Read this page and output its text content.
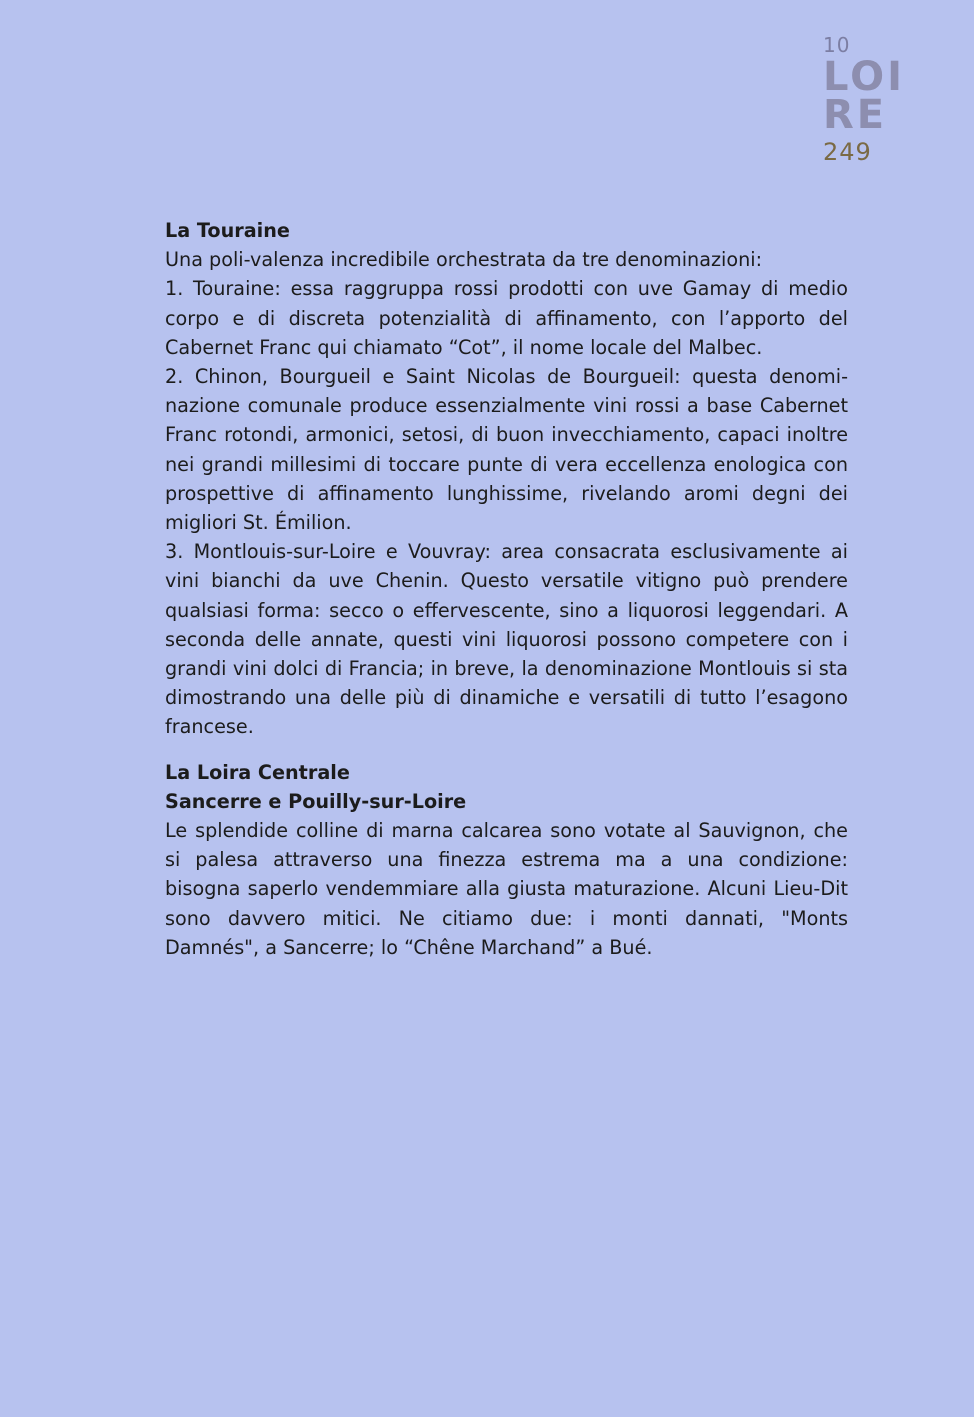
10
LOI
RE
249
La Touraine

Una poli-valenza incredibile orchestrata da tre denominazioni:

1. Touraine: essa raggruppa rossi prodotti con uve Gamay di medio corpo e di discreta potenzialità di affinamento, con l’apporto del Cabernet Franc qui chiamato “Cot”, il nome locale del Malbec.

2. Chinon, Bourgueil e Saint Nicolas de Bourgueil: questa denominazione comunale produce essenzialmente vini rossi a base Cabernet Franc rotondi, armonici, setosi, di buon invecchiamento, capaci inoltre nei grandi millesimi di toccare punte di vera eccellenza enologica con prospettive di affinamento lunghissime, rivelando aromi degni dei migliori St. Émilion.

3. Montlouis-sur-Loire e Vouvray: area consacrata esclusivamente ai vini bianchi da uve Chenin. Questo versatile vitigno può prendere qualsiasi forma: secco o effervescente, sino a liquorosi leggendari. A seconda delle annate, questi vini liquorosi possono competere con i grandi vini dolci di Francia; in breve, la denominazione Montlouis si sta dimostrando una delle più di dinamiche e versatili di tutto l’esagono francese.

La Loira Centrale
Sancerre e Pouilly-sur-Loire

Le splendide colline di marna calcarea sono votate al Sauvignon, che si palesa attraverso una finezza estrema ma a una condizione: bisogna saperlo vendemmiare alla giusta maturazione. Alcuni Lieu-Dit sono davvero mitici. Ne citiamo due: i monti dannati, "Monts Damnés", a Sancerre; lo “Chêne Marchand” a Bué.
